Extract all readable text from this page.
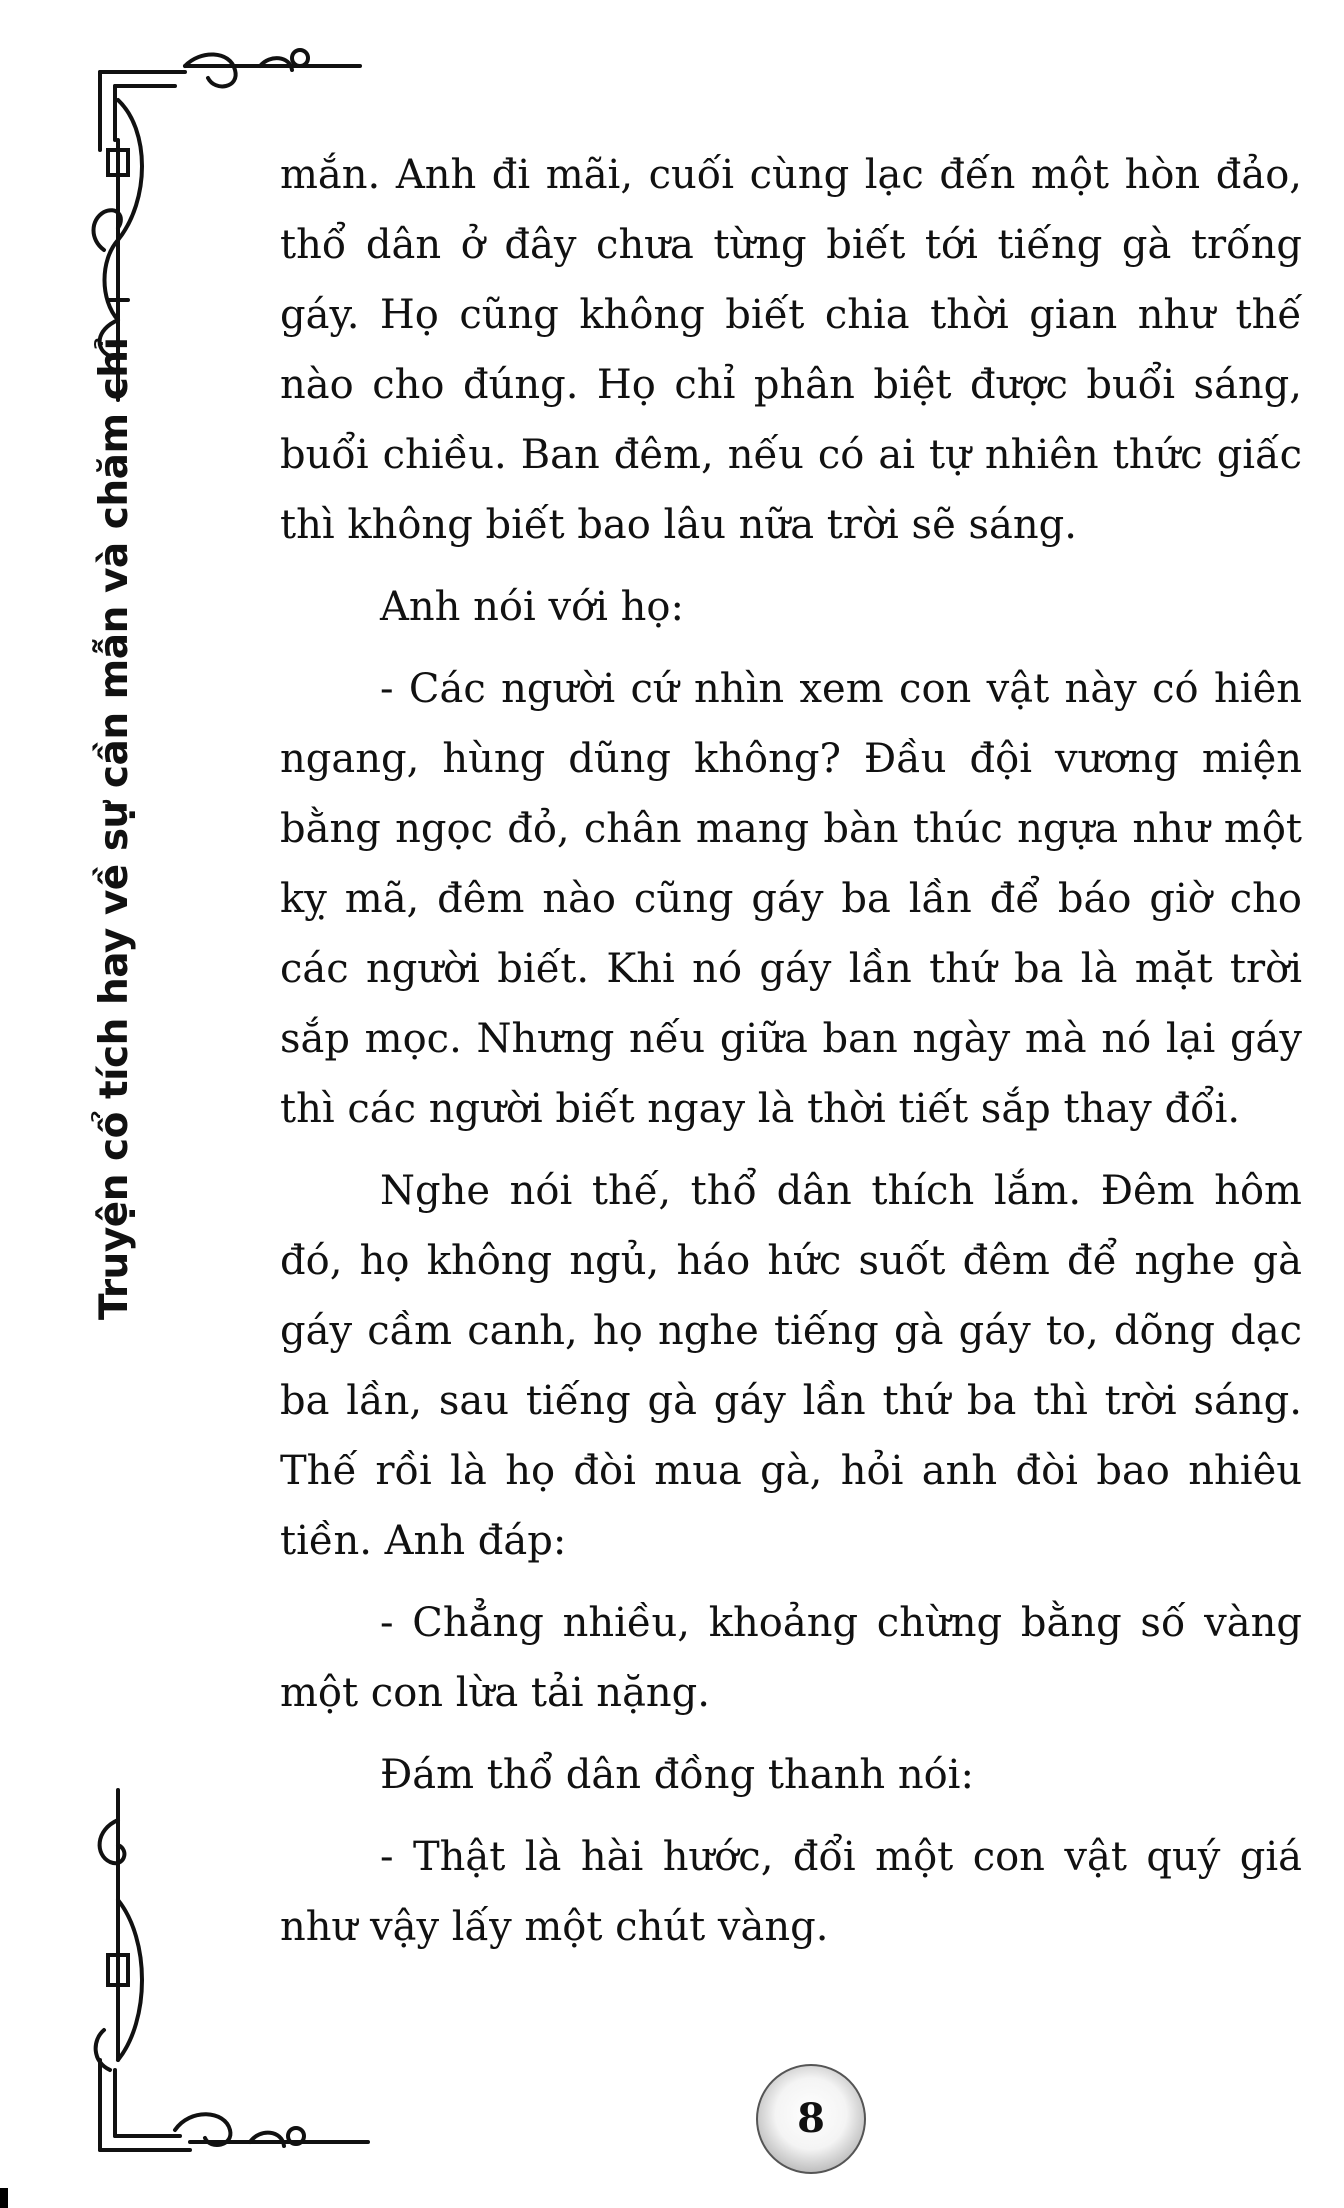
Truyện cổ tích hay về sự cần mẫn và chăm chỉ

mắn. Anh đi mãi, cuối cùng lạc đến một hòn đảo, thổ dân ở đây chưa từng biết tới tiếng gà trống gáy. Họ cũng không biết chia thời gian như thế nào cho đúng. Họ chỉ phân biệt được buổi sáng, buổi chiều. Ban đêm, nếu có ai tự nhiên thức giấc thì không biết bao lâu nữa trời sẽ sáng.

Anh nói với họ:

- Các người cứ nhìn xem con vật này có hiên ngang, hùng dũng không? Đầu đội vương miện bằng ngọc đỏ, chân mang bàn thúc ngựa như một kỵ mã, đêm nào cũng gáy ba lần để báo giờ cho các người biết. Khi nó gáy lần thứ ba là mặt trời sắp mọc. Nhưng nếu giữa ban ngày mà nó lại gáy thì các người biết ngay là thời tiết sắp thay đổi.

Nghe nói thế, thổ dân thích lắm. Đêm hôm đó, họ không ngủ, háo hức suốt đêm để nghe gà gáy cầm canh, họ nghe tiếng gà gáy to, dõng dạc ba lần, sau tiếng gà gáy lần thứ ba thì trời sáng. Thế rồi là họ đòi mua gà, hỏi anh đòi bao nhiêu tiền. Anh đáp:

- Chẳng nhiều, khoảng chừng bằng số vàng một con lừa tải nặng.

Đám thổ dân đồng thanh nói:

- Thật là hài hước, đổi một con vật quý giá như vậy lấy một chút vàng.

8
